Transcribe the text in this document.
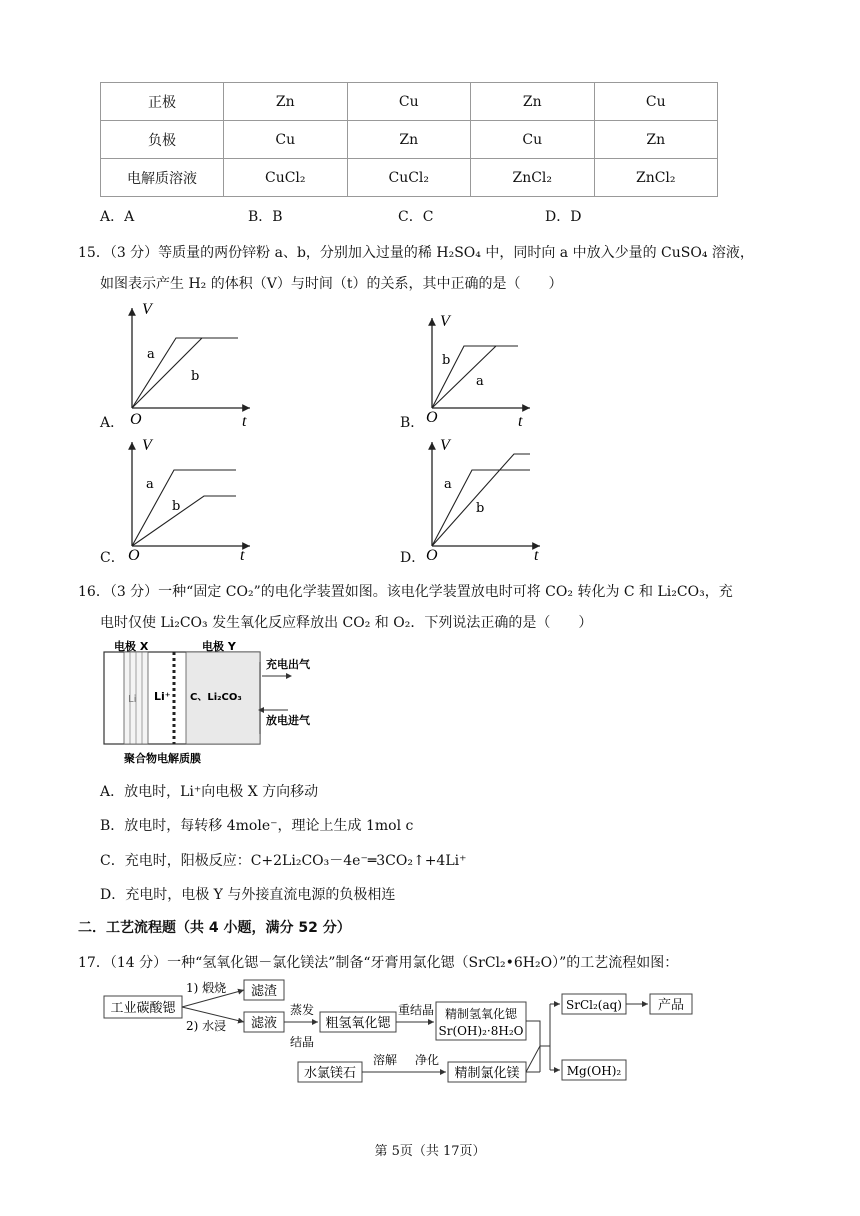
正极	Zn	Cu	Zn	Cu
负极	Cu	Zn	Cu	Zn
电解质溶液	CuCl₂	CuCl₂	ZnCl₂	ZnCl₂
A．A	B．B	C．C	D．D
15．（3 分）等质量的两份锌粉 a、b，分别加入过量的稀 H₂SO₄ 中，同时向 a 中放入少量的 CuSO₄ 溶液，
如图表示产生 H₂ 的体积（V）与时间（t）的关系，其中正确的是（　　）
A．
V
O	t
a
b
B．
V
O	t
b
a
C．
V
O	t
a
b
D．
V
O	t
a
b
16．（3 分）一种“固定 CO₂”的电化学装置如图。该电化学装置放电时可将 CO₂ 转化为 C 和 Li₂CO₃，充
电时仅使 Li₂CO₃ 发生氧化反应释放出 CO₂ 和 O₂．下列说法正确的是（　　）
电极 X	电极 Y
Li Li⁺ C、Li₂CO₃
充电出气
放电进气
聚合物电解质膜
A．放电时，Li⁺向电极 X 方向移动
B．放电时，每转移 4mole⁻，理论上生成 1mol c
C．充电时，阳极反应：C+2Li₂CO₃－4e⁻═3CO₂↑+4Li⁺
D．充电时，电极 Y 与外接直流电源的负极相连
二．工艺流程题（共 4 小题，满分 52 分）
17．（14 分）一种“氢氧化锶－氯化镁法”制备“牙膏用氯化锶（SrCl₂•6H₂O）”的工艺流程如图：
工业碳酸锶
1) 煅烧
2) 水浸
滤渣
滤液
蒸发
结晶
粗氢氧化锶
重结晶 精制氢氧化锶
Sr(OH)₂·8H₂O
SrCl₂(aq)	产品
Mg(OH)₂
水氯镁石
溶解 净化
精制氯化镁
第 5页（共 17页）
